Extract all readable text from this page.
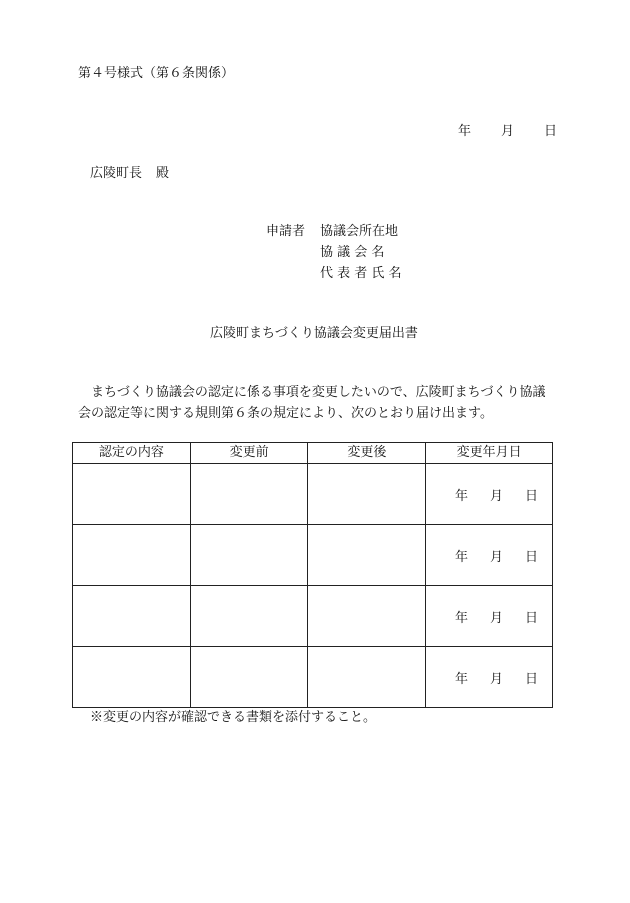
第４号様式（第６条関係）
年 月 日
広陵町長 殿
申請者 協議会所在地
協 議 会 名
代 表 者 氏 名
広陵町まちづくり協議会変更届出書

まちづくり協議会の認定に係る事項を変更したいので、広陵町まちづくり協議会の認定等に関する規則第６条の規定により、次のとおり届け出ます。

認定の内容	変更前	変更後	変更年月日
			年 月 日
			年 月 日
			年 月 日
			年 月 日
※変更の内容が確認できる書類を添付すること。
